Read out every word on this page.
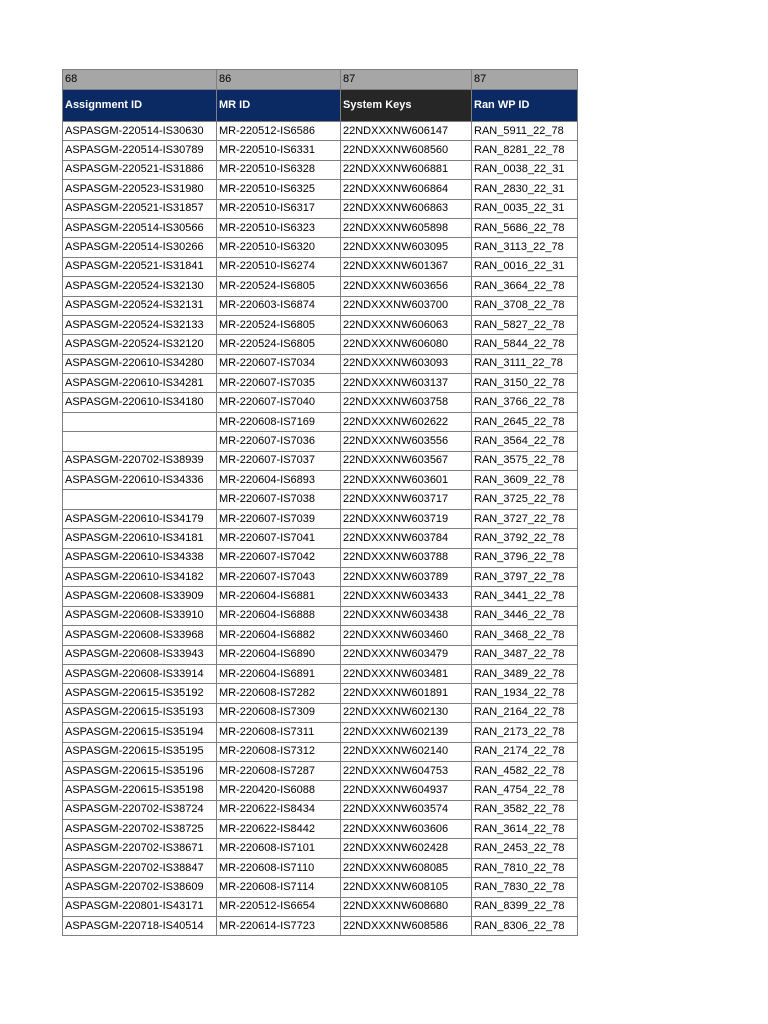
68	86	87	87
Assignment ID	MR ID	System Keys	Ran WP ID
ASPASGM-220514-IS30630	MR-220512-IS6586	22NDXXXNW606147	RAN_5911_22_78
ASPASGM-220514-IS30789	MR-220510-IS6331	22NDXXXNW608560	RAN_8281_22_78
ASPASGM-220521-IS31886	MR-220510-IS6328	22NDXXXNW606881	RAN_0038_22_31
ASPASGM-220523-IS31980	MR-220510-IS6325	22NDXXXNW606864	RAN_2830_22_31
ASPASGM-220521-IS31857	MR-220510-IS6317	22NDXXXNW606863	RAN_0035_22_31
ASPASGM-220514-IS30566	MR-220510-IS6323	22NDXXXNW605898	RAN_5686_22_78
ASPASGM-220514-IS30266	MR-220510-IS6320	22NDXXXNW603095	RAN_3113_22_78
ASPASGM-220521-IS31841	MR-220510-IS6274	22NDXXXNW601367	RAN_0016_22_31
ASPASGM-220524-IS32130	MR-220524-IS6805	22NDXXXNW603656	RAN_3664_22_78
ASPASGM-220524-IS32131	MR-220603-IS6874	22NDXXXNW603700	RAN_3708_22_78
ASPASGM-220524-IS32133	MR-220524-IS6805	22NDXXXNW606063	RAN_5827_22_78
ASPASGM-220524-IS32120	MR-220524-IS6805	22NDXXXNW606080	RAN_5844_22_78
ASPASGM-220610-IS34280	MR-220607-IS7034	22NDXXXNW603093	RAN_3111_22_78
ASPASGM-220610-IS34281	MR-220607-IS7035	22NDXXXNW603137	RAN_3150_22_78
ASPASGM-220610-IS34180	MR-220607-IS7040	22NDXXXNW603758	RAN_3766_22_78
	MR-220608-IS7169	22NDXXXNW602622	RAN_2645_22_78
	MR-220607-IS7036	22NDXXXNW603556	RAN_3564_22_78
ASPASGM-220702-IS38939	MR-220607-IS7037	22NDXXXNW603567	RAN_3575_22_78
ASPASGM-220610-IS34336	MR-220604-IS6893	22NDXXXNW603601	RAN_3609_22_78
	MR-220607-IS7038	22NDXXXNW603717	RAN_3725_22_78
ASPASGM-220610-IS34179	MR-220607-IS7039	22NDXXXNW603719	RAN_3727_22_78
ASPASGM-220610-IS34181	MR-220607-IS7041	22NDXXXNW603784	RAN_3792_22_78
ASPASGM-220610-IS34338	MR-220607-IS7042	22NDXXXNW603788	RAN_3796_22_78
ASPASGM-220610-IS34182	MR-220607-IS7043	22NDXXXNW603789	RAN_3797_22_78
ASPASGM-220608-IS33909	MR-220604-IS6881	22NDXXXNW603433	RAN_3441_22_78
ASPASGM-220608-IS33910	MR-220604-IS6888	22NDXXXNW603438	RAN_3446_22_78
ASPASGM-220608-IS33968	MR-220604-IS6882	22NDXXXNW603460	RAN_3468_22_78
ASPASGM-220608-IS33943	MR-220604-IS6890	22NDXXXNW603479	RAN_3487_22_78
ASPASGM-220608-IS33914	MR-220604-IS6891	22NDXXXNW603481	RAN_3489_22_78
ASPASGM-220615-IS35192	MR-220608-IS7282	22NDXXXNW601891	RAN_1934_22_78
ASPASGM-220615-IS35193	MR-220608-IS7309	22NDXXXNW602130	RAN_2164_22_78
ASPASGM-220615-IS35194	MR-220608-IS7311	22NDXXXNW602139	RAN_2173_22_78
ASPASGM-220615-IS35195	MR-220608-IS7312	22NDXXXNW602140	RAN_2174_22_78
ASPASGM-220615-IS35196	MR-220608-IS7287	22NDXXXNW604753	RAN_4582_22_78
ASPASGM-220615-IS35198	MR-220420-IS6088	22NDXXXNW604937	RAN_4754_22_78
ASPASGM-220702-IS38724	MR-220622-IS8434	22NDXXXNW603574	RAN_3582_22_78
ASPASGM-220702-IS38725	MR-220622-IS8442	22NDXXXNW603606	RAN_3614_22_78
ASPASGM-220702-IS38671	MR-220608-IS7101	22NDXXXNW602428	RAN_2453_22_78
ASPASGM-220702-IS38847	MR-220608-IS7110	22NDXXXNW608085	RAN_7810_22_78
ASPASGM-220702-IS38609	MR-220608-IS7114	22NDXXXNW608105	RAN_7830_22_78
ASPASGM-220801-IS43171	MR-220512-IS6654	22NDXXXNW608680	RAN_8399_22_78
ASPASGM-220718-IS40514	MR-220614-IS7723	22NDXXXNW608586	RAN_8306_22_78
